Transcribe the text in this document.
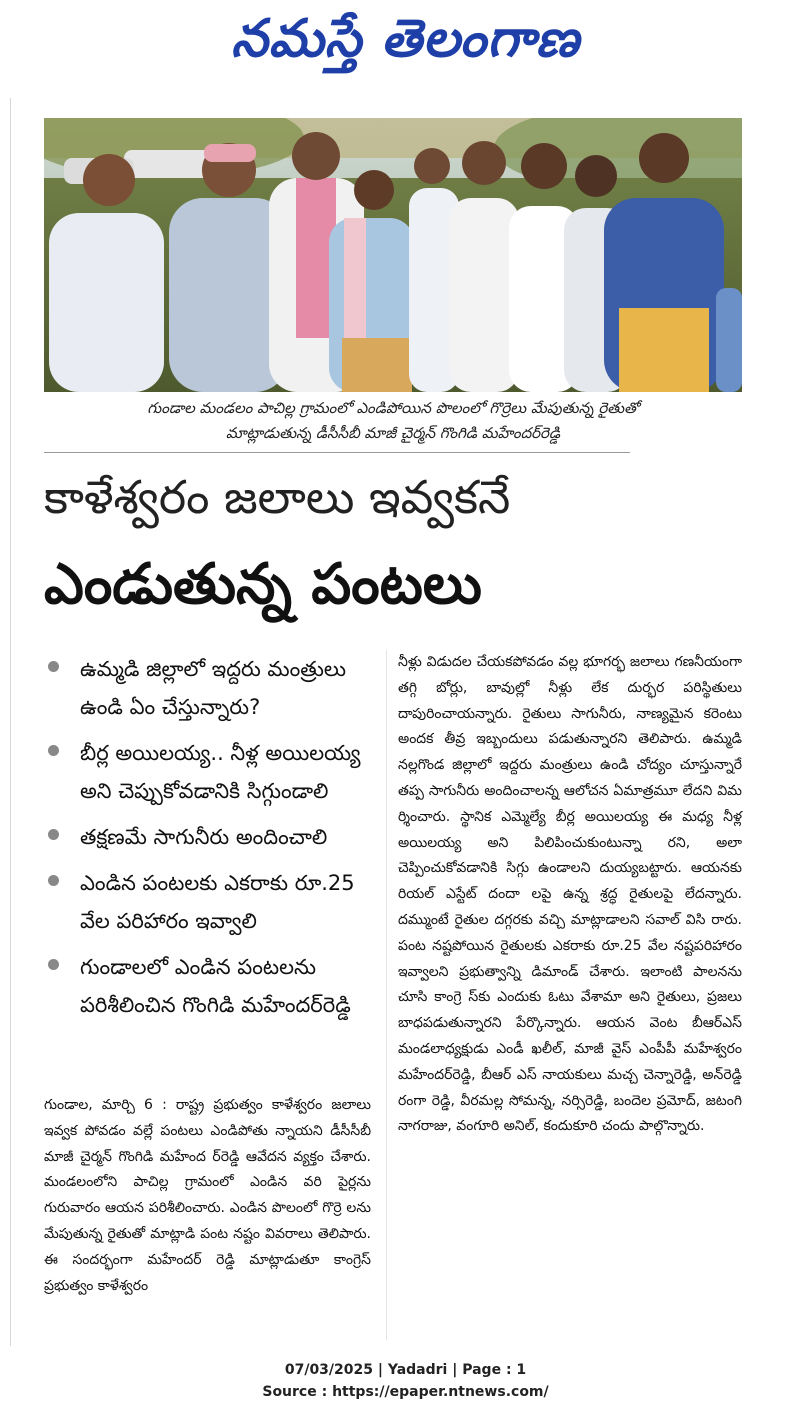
నమస్తే తెలంగాణ
గుండాల మండలం పాచిల్ల గ్రామంలో ఎండిపోయిన పొలంలో గొర్రెలు మేపుతున్న రైతుతో
మాట్లాడుతున్న డీసీసీబీ మాజీ చైర్మన్ గొంగిడి మహేందర్‌రెడ్డి
కాళేశ్వరం జలాలు ఇవ్వకనే
ఎండుతున్న పంటలు
ఉమ్మడి జిల్లాలో ఇద్దరు మంత్రులు ఉండి ఏం చేస్తున్నారు?
బీర్ల అయిలయ్య.. నీళ్ల అయిలయ్య అని చెప్పుకోవడానికి సిగ్గుండాలి
తక్షణమే సాగునీరు అందించాలి
ఎండిన పంటలకు ఎకరాకు రూ.25 వేల పరిహారం ఇవ్వాలి
గుండాలలో ఎండిన పంటలను పరిశీలించిన గొంగిడి మహేందర్‌రెడ్డి
గుండాల, మార్చి 6 : రాష్ట్ర ప్రభుత్వం కాళేశ్వరం జలాలు ఇవ్వక పోవడం వల్లే పంటలు ఎండిపోతు న్నాయని డీసీసీబీ మాజీ చైర్మన్ గొంగిడి మహేంద ర్‌రెడ్డి ఆవేదన వ్యక్తం చేశారు. మండలంలోని పాచిల్ల గ్రామంలో ఎండిన వరి పైర్లను గురువారం ఆయన పరిశీలించారు. ఎండిన పొలంలో గొర్రె లను మేపుతున్న రైతుతో మాట్లాడి పంట నష్టం వివరాలు తెలిపారు. ఈ సందర్భంగా మహేందర్ రెడ్డి మాట్లాడుతూ కాంగ్రెస్ ప్రభుత్వం కాళేశ్వరం
నీళ్లు విడుదల చేయకపోవడం వల్ల భూగర్భ జలాలు గణనీయంగా తగ్గి బోర్లు, బావుల్లో నీళ్లు లేక దుర్భర పరిస్థితులు దాపురించాయన్నారు. రైతులు సాగునీరు, నాణ్యమైన కరెంటు అందక తీవ్ర ఇబ్బందులు పడుతున్నారని తెలిపారు. ఉమ్మడి నల్లగొండ జిల్లాలో ఇద్దరు మంత్రులు ఉండి చోద్యం చూస్తున్నారే తప్ప సాగునీరు అందించాలన్న ఆలోచన ఏమాత్రమూ లేదని విమ ర్శించారు. స్థానిక ఎమ్మెల్యే బీర్ల అయిలయ్య ఈ మధ్య నీళ్ల అయిలయ్య అని పిలిపించుకుంటున్నా రని, అలా చెప్పించుకోవడానికి సిగ్గు ఉండాలని దుయ్యబట్టారు. ఆయనకు రియల్ ఎస్టేట్ దందా లపై ఉన్న శ్రద్ధ రైతులపై లేదన్నారు. దమ్ముంటే రైతుల దగ్గరకు వచ్చి మాట్లాడాలని సవాల్ విసి రారు. పంట నష్టపోయిన రైతులకు ఎకరాకు రూ.25 వేల నష్టపరిహారం ఇవ్వాలని ప్రభుత్వాన్ని డిమాండ్ చేశారు. ఇలాంటి పాలనను చూసి కాంగ్రె స్‌కు ఎందుకు ఓటు వేశామా అని రైతులు, ప్రజలు బాధపడుతున్నారని పేర్కొన్నారు. ఆయన వెంట బీఆర్‌ఎస్ మండలాధ్యక్షుడు ఎండీ ఖలీల్, మాజీ వైస్ ఎంపీపీ మహేశ్వరం మహేందర్‌రెడ్డి, బీఆర్ ఎస్ నాయకులు మచ్చ చెన్నారెడ్డి, అన్‌రెడ్డి రంగా రెడ్డి, వీరమల్ల సోమన్న, నర్సిరెడ్డి, బందెల ప్రమోద్, జటంగి నాగరాజు, వంగూరి అనిల్, కందుకూరి చందు పాల్గొన్నారు.
07/03/2025 | Yadadri | Page : 1
Source : https://epaper.ntnews.com/
